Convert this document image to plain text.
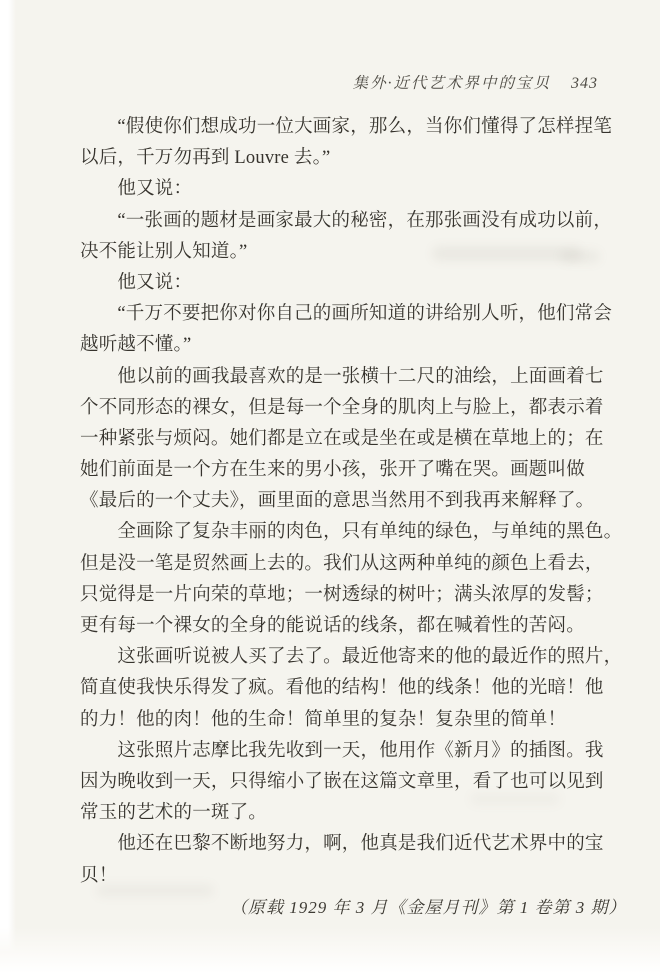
集外·近代艺术界中的宝贝 343
　　“假使你们想成功一位大画家，那么，当你们懂得了怎样捏笔
以后，千万勿再到 Louvre 去。”
　　他又说：
　　“一张画的题材是画家最大的秘密，在那张画没有成功以前，
决不能让别人知道。”
　　他又说：
　　“千万不要把你对你自己的画所知道的讲给别人听，他们常会
越听越不懂。”
　　他以前的画我最喜欢的是一张横十二尺的油绘，上面画着七
个不同形态的裸女，但是每一个全身的肌肉上与脸上，都表示着
一种紧张与烦闷。她们都是立在或是坐在或是横在草地上的；在
她们前面是一个方在生来的男小孩，张开了嘴在哭。画题叫做
《最后的一个丈夫》，画里面的意思当然用不到我再来解释了。
　　全画除了复杂丰丽的肉色，只有单纯的绿色，与单纯的黑色。
但是没一笔是贸然画上去的。我们从这两种单纯的颜色上看去，
只觉得是一片向荣的草地；一树透绿的树叶；满头浓厚的发髻；
更有每一个裸女的全身的能说话的线条，都在喊着性的苦闷。
　　这张画听说被人买了去了。最近他寄来的他的最近作的照片，
简直使我快乐得发了疯。看他的结构！他的线条！他的光暗！他
的力！他的肉！他的生命！简单里的复杂！复杂里的简单！
　　这张照片志摩比我先收到一天，他用作《新月》的插图。我
因为晚收到一天，只得缩小了嵌在这篇文章里，看了也可以见到
常玉的艺术的一斑了。
　　他还在巴黎不断地努力，啊，他真是我们近代艺术界中的宝
贝！
（原载 1929 年 3 月《金屋月刊》第 1 卷第 3 期）
